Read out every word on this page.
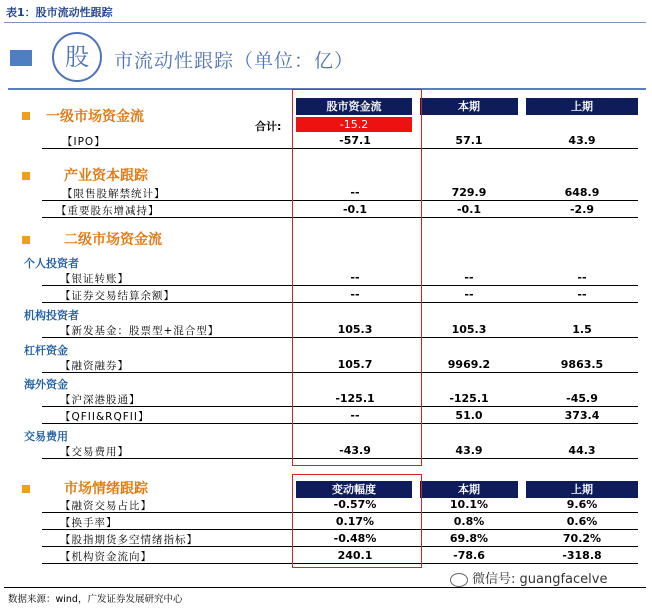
表1：股市流动性跟踪
股	市流动性跟踪（单位：亿）
股市资金流	本期	上期
一级市场资金流
合计:	-15.2
【IPO】	-57.1	57.1	43.9
产业资本跟踪
【限售股解禁统计】	--	729.9	648.9
【重要股东增减持】	-0.1	-0.1	-2.9
二级市场资金流
个人投资者
【银证转账】	--	--	--
【证券交易结算余额】	--	--	--
机构投资者
【新发基金：股票型+混合型】	105.3	105.3	1.5
杠杆资金
【融资融券】	105.7	9969.2	9863.5
海外资金
【沪深港股通】	-125.1	-125.1	-45.9
【QFII&RQFII】	--	51.0	373.4
交易费用
【交易费用】	-43.9	43.9	44.3
市场情绪跟踪	变动幅度	本期	上期
【融资交易占比】	-0.57%	10.1%	9.6%
【换手率】	0.17%	0.8%	0.6%
【股指期货多空情绪指标】	-0.48%	69.8%	70.2%
【机构资金流向】	240.1	-78.6	-318.8
微信号: guangfacelve
数据来源：wind，广发证券发展研究中心
